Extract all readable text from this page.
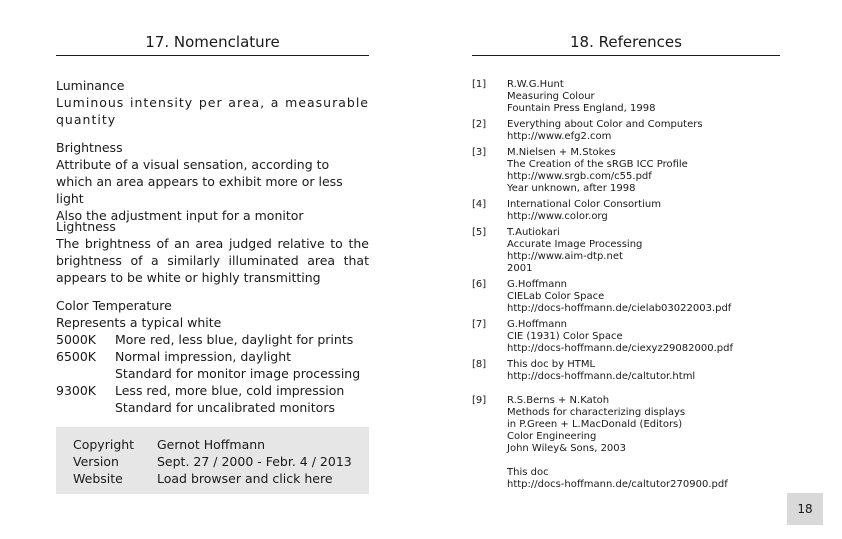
17. Nomenclature
Luminance
Luminous intensity per area, a measurable quantity
Brightness
Attribute of a visual sensation, according to which an area appears to exhibit more or less light
Also the adjustment input for a monitor
Lightness
The brightness of an area judged relative to the brightness of a similarly illuminated area that appears to be white or highly transmitting
Color Temperature
Represents a typical white
5000K	More red, less blue, daylight for prints
6500K	Normal impression, daylight
Standard for monitor image processing
9300K	Less red, more blue, cold impression
Standard for uncalibrated monitors
Copyright	Gernot Hoffmann
Version	Sept. 27 / 2000 - Febr. 4 / 2013
Website	Load browser and click here
18. References
[1]	R.W.G.Hunt
Measuring Colour
Fountain Press England, 1998
[2]	Everything about Color and Computers
http://www.efg2.com
[3]	M.Nielsen + M.Stokes
The Creation of the sRGB ICC Profile
http://www.srgb.com/c55.pdf
Year unknown, after 1998
[4]	International Color Consortium
http://www.color.org
[5]	T.Autiokari
Accurate Image Processing
http://www.aim-dtp.net
2001
[6]	G.Hoffmann
CIELab Color Space
http://docs-hoffmann.de/cielab03022003.pdf
[7]	G.Hoffmann
CIE (1931) Color Space
http://docs-hoffmann.de/ciexyz29082000.pdf
[8]	This doc by HTML
http://docs-hoffmann.de/caltutor.html
[9]	R.S.Berns + N.Katoh
Methods for characterizing displays
in P.Green + L.MacDonald (Editors)
Color Engineering
John Wiley& Sons, 2003
This doc
http://docs-hoffmann.de/caltutor270900.pdf
18
